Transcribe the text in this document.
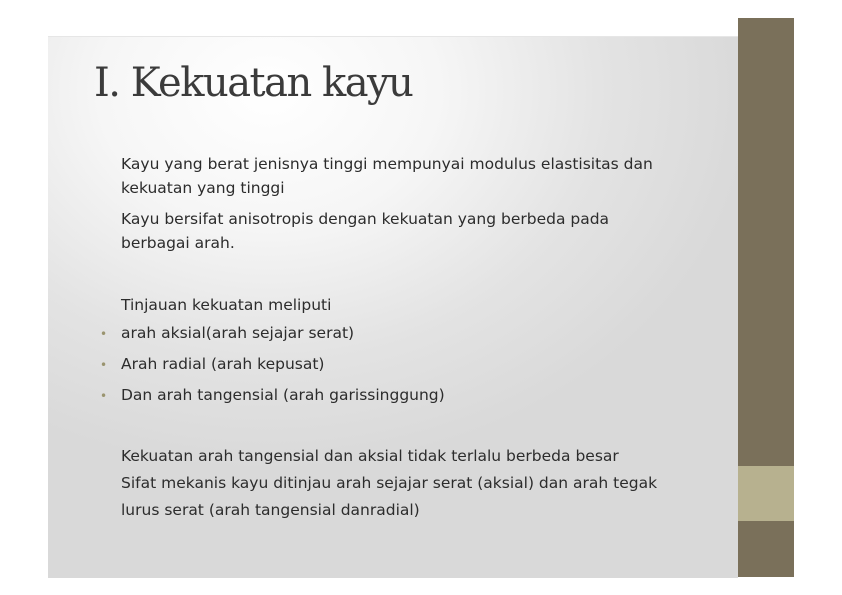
I. Kekuatan kayu

Kayu yang berat jenisnya tinggi mempunyai modulus elastisitas dan

kekuatan yang tinggi

Kayu bersifat anisotropis dengan kekuatan yang berbeda pada

berbagai arah.

Tinjauan kekuatan meliputi

• arah aksial(arah sejajar serat)
• Arah radial (arah kepusat)
• Dan arah tangensial (arah garissinggung)

Kekuatan arah tangensial dan aksial tidak terlalu berbeda besar

Sifat mekanis kayu ditinjau arah sejajar serat (aksial) dan arah tegak

lurus serat (arah tangensial danradial)
